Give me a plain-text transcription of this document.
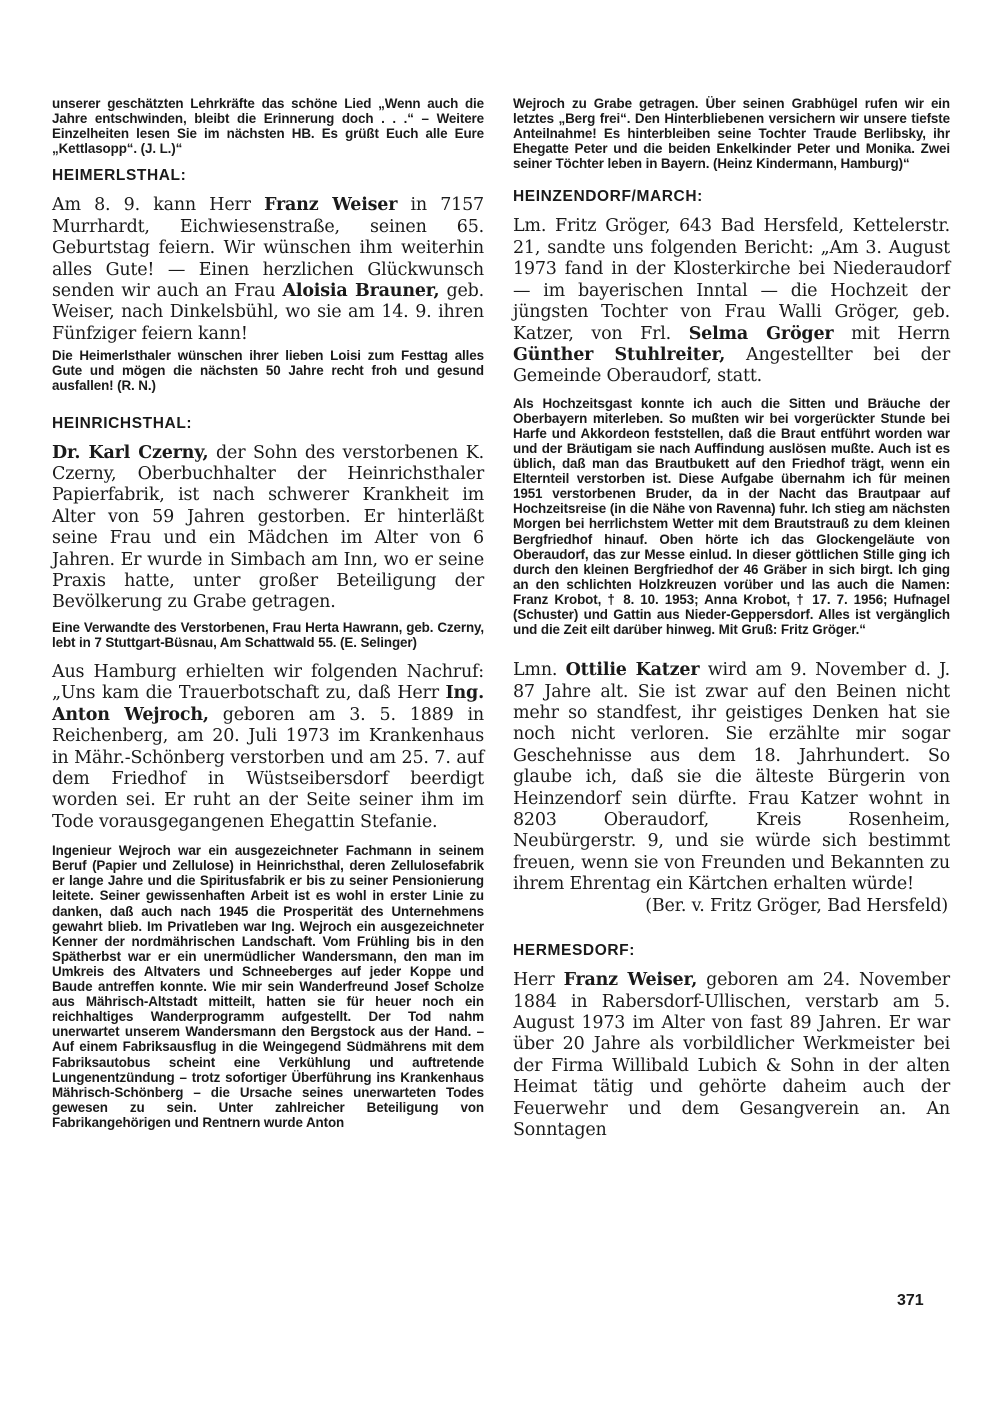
unserer geschätzten Lehrkräfte das schöne Lied „Wenn auch die Jahre entschwinden, bleibt die Erinnerung doch . . .“ – Weitere Einzelheiten lesen Sie im nächsten HB. Es grüßt Euch alle Eure „Kettlasopp“. (J. L.)“

HEIMERLSTHAL:

Am 8. 9. kann Herr Franz Weiser in 7157 Murrhardt, Eichwiesenstraße, seinen 65. Geburtstag feiern. Wir wünschen ihm weiterhin alles Gute! — Einen herzlichen Glückwunsch senden wir auch an Frau Aloisia Brauner, geb. Weiser, nach Dinkelsbühl, wo sie am 14. 9. ihren Fünfziger feiern kann!

Die Heimerlsthaler wünschen ihrer lieben Loisi zum Festtag alles Gute und mögen die nächsten 50 Jahre recht froh und gesund ausfallen! (R. N.)

HEINRICHSTHAL:

Dr. Karl Czerny, der Sohn des verstorbenen K. Czerny, Oberbuchhalter der Heinrichsthaler Papierfabrik, ist nach schwerer Krankheit im Alter von 59 Jahren gestorben. Er hinterläßt seine Frau und ein Mädchen im Alter von 6 Jahren. Er wurde in Simbach am Inn, wo er seine Praxis hatte, unter großer Beteiligung der Bevölkerung zu Grabe getragen.

Eine Verwandte des Verstorbenen, Frau Herta Hawrann, geb. Czerny, lebt in 7 Stuttgart-Büsnau, Am Schattwald 55. (E. Selinger)

Aus Hamburg erhielten wir folgenden Nachruf: „Uns kam die Trauerbotschaft zu, daß Herr Ing. Anton Wejroch, geboren am 3. 5. 1889 in Reichenberg, am 20. Juli 1973 im Krankenhaus in Mähr.-Schönberg verstorben und am 25. 7. auf dem Friedhof in Wüstseibersdorf beerdigt worden sei. Er ruht an der Seite seiner ihm im Tode vorausgegangenen Ehegattin Stefanie.

Ingenieur Wejroch war ein ausgezeichneter Fachmann in seinem Beruf (Papier und Zellulose) in Heinrichsthal, deren Zellulosefabrik er lange Jahre und die Spiritusfabrik er bis zu seiner Pensionierung leitete. Seiner gewissenhaften Arbeit ist es wohl in erster Linie zu danken, daß auch nach 1945 die Prosperität des Unternehmens gewahrt blieb. Im Privatleben war Ing. Wejroch ein ausgezeichneter Kenner der nordmährischen Landschaft. Vom Frühling bis in den Spätherbst war er ein unermüdlicher Wandersmann, den man im Umkreis des Altvaters und Schneeberges auf jeder Koppe und Baude antreffen konnte. Wie mir sein Wanderfreund Josef Scholze aus Mährisch-Altstadt mitteilt, hatten sie für heuer noch ein reichhaltiges Wanderprogramm aufgestellt. Der Tod nahm unerwartet unserem Wandersmann den Bergstock aus der Hand. – Auf einem Fabriksausflug in die Weingegend Südmährens mit dem Fabriksautobus scheint eine Verkühlung und auftretende Lungenentzündung – trotz sofortiger Überführung ins Krankenhaus Mährisch-Schönberg – die Ursache seines unerwarteten Todes gewesen zu sein. Unter zahlreicher Beteiligung von Fabrikangehörigen und Rentnern wurde Anton

Wejroch zu Grabe getragen. Über seinen Grabhügel rufen wir ein letztes „Berg frei“. Den Hinterbliebenen versichern wir unsere tiefste Anteilnahme! Es hinterbleiben seine Tochter Traude Berlibsky, ihr Ehegatte Peter und die beiden Enkelkinder Peter und Monika. Zwei seiner Töchter leben in Bayern. (Heinz Kindermann, Hamburg)“

HEINZENDORF/MARCH:

Lm. Fritz Gröger, 643 Bad Hersfeld, Kettelerstr. 21, sandte uns folgenden Bericht: „Am 3. August 1973 fand in der Klosterkirche bei Niederaudorf — im bayerischen Inntal — die Hochzeit der jüngsten Tochter von Frau Walli Gröger, geb. Katzer, von Frl. Selma Gröger mit Herrn Günther Stuhlreiter, Angestellter bei der Gemeinde Oberaudorf, statt.

Als Hochzeitsgast konnte ich auch die Sitten und Bräuche der Oberbayern miterleben. So mußten wir bei vorgerückter Stunde bei Harfe und Akkordeon feststellen, daß die Braut entführt worden war und der Bräutigam sie nach Auffindung auslösen mußte. Auch ist es üblich, daß man das Brautbukett auf den Friedhof trägt, wenn ein Elternteil verstorben ist. Diese Aufgabe übernahm ich für meinen 1951 verstorbenen Bruder, da in der Nacht das Brautpaar auf Hochzeitsreise (in die Nähe von Ravenna) fuhr. Ich stieg am nächsten Morgen bei herrlichstem Wetter mit dem Brautstrauß zu dem kleinen Bergfriedhof hinauf. Oben hörte ich das Glockengeläute von Oberaudorf, das zur Messe einlud. In dieser göttlichen Stille ging ich durch den kleinen Bergfriedhof der 46 Gräber in sich birgt. Ich ging an den schlichten Holzkreuzen vorüber und las auch die Namen: Franz Krobot, † 8. 10. 1953; Anna Krobot, † 17. 7. 1956; Hufnagel (Schuster) und Gattin aus Nieder-Geppersdorf. Alles ist vergänglich und die Zeit eilt darüber hinweg. Mit Gruß: Fritz Gröger.“

Lmn. Ottilie Katzer wird am 9. November d. J. 87 Jahre alt. Sie ist zwar auf den Beinen nicht mehr so standfest, ihr geistiges Denken hat sie noch nicht verloren. Sie erzählte mir sogar Geschehnisse aus dem 18. Jahrhundert. So glaube ich, daß sie die älteste Bürgerin von Heinzendorf sein dürfte. Frau Katzer wohnt in 8203 Oberaudorf, Kreis Rosenheim, Neubürgerstr. 9, und sie würde sich bestimmt freuen, wenn sie von Freunden und Bekannten zu ihrem Ehrentag ein Kärtchen erhalten würde!

(Ber. v. Fritz Gröger, Bad Hersfeld)

HERMESDORF:

Herr Franz Weiser, geboren am 24. November 1884 in Rabersdorf-Ullischen, verstarb am 5. August 1973 im Alter von fast 89 Jahren. Er war über 20 Jahre als vorbildlicher Werkmeister bei der Firma Willibald Lubich & Sohn in der alten Heimat tätig und gehörte daheim auch der Feuerwehr und dem Gesangverein an. An Sonntagen

371
